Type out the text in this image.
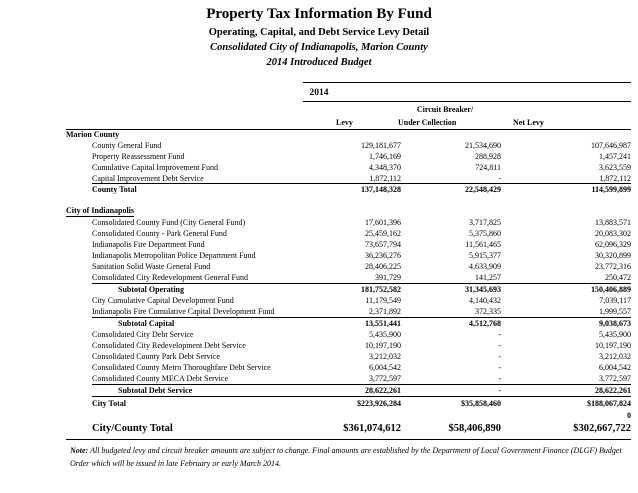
Property Tax Information By Fund
Operating, Capital, and Debt Service Levy Detail
Consolidated City of Indianapolis, Marion County
2014 Introduced Budget
2014
Circuit Breaker/
Levy	Under Collection	Net Levy
Marion County
County General Fund	129,181,677	21,534,690	107,646,987
Property Reassessment Fund	1,746,169	288,928	1,457,241
Cumulative Capital Improvement Fund	4,348,370	724,811	3,623,559
Capital Improvement Debt Service	1,872,112	-	1,872,112
County Total	137,148,328	22,548,429	114,599,899
City of Indianapolis
Consolidated County Fund (City General Fund)	17,601,396	3,717,825	13,883,571
Consolidated County - Park General Fund	25,459,162	5,375,860	20,083,302
Indianapolis Fire Department Fund	73,657,794	11,561,465	62,096,329
Indianapolis Metropolitan Police Department Fund	36,236,276	5,915,377	30,320,899
Sanitation Solid Waste General Fund	28,406,225	4,633,909	23,772,316
Consolidated City Redevelopment General Fund	391,729	141,257	250,472
Subtotal Operating	181,752,582	31,345,693	150,406,889
City Cumulative Capital Development Fund	11,179,549	4,140,432	7,039,117
Indianapolis Fire Cumulative Capital Development Fund	2,371,892	372,335	1,999,557
Subtotal Capital	13,551,441	4,512,768	9,038,673
Consolidated City Debt Service	5,435,900	-	5,435,900
Consolidated City Redevelopment Debt Service	10,197,190	-	10,197,190
Consolidated County Park Debt Service	3,212,032	-	3,212,032
Consolidated County Metro Thoroughfare Debt Service	6,004,542	-	6,004,542
Consolidated County MECA Debt Service	3,772,597	-	3,772,597
Subtotal Debt Service	28,622,261	-	28,622,261
City Total	$223,926,284	$35,858,460	$188,067,824
0
City/County Total	$361,074,612	$58,406,890	$302,667,722
Note: All budgeted levy and circuit breaker amounts are subject to change. Final amounts are established by the Department of Local Government Finance (DLGF) Budget Order which will be issued in late February or early March 2014.
